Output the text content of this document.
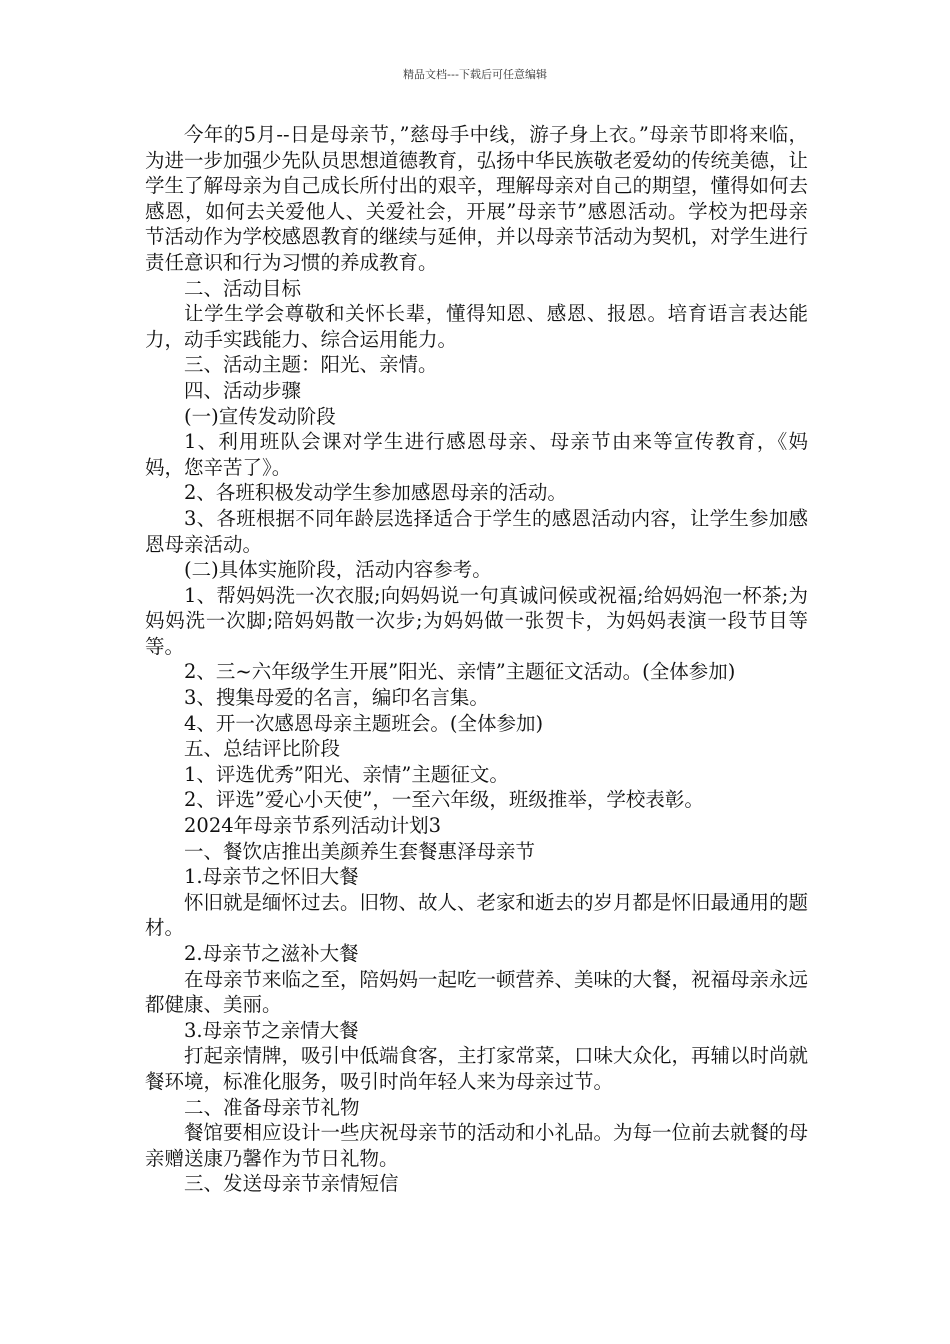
精品文档---下载后可任意编辑

今年的5月--日是母亲节，”慈母手中线，游子身上衣。”母亲节即将来临，为进一步加强少先队员思想道德教育，弘扬中华民族敬老爱幼的传统美德，让学生了解母亲为自己成长所付出的艰辛，理解母亲对自己的期望，懂得如何去感恩，如何去关爱他人、关爱社会，开展”母亲节”感恩活动。学校为把母亲节活动作为学校感恩教育的继续与延伸，并以母亲节活动为契机，对学生进行责任意识和行为习惯的养成教育。

二、活动目标

让学生学会尊敬和关怀长辈，懂得知恩、感恩、报恩。培育语言表达能力，动手实践能力、综合运用能力。

三、活动主题：阳光、亲情。

四、活动步骤

(一)宣传发动阶段

1、利用班队会课对学生进行感恩母亲、母亲节由来等宣传教育，《妈妈，您辛苦了》。

2、各班积极发动学生参加感恩母亲的活动。

3、各班根据不同年龄层选择适合于学生的感恩活动内容，让学生参加感恩母亲活动。

(二)具体实施阶段，活动内容参考。

1、帮妈妈洗一次衣服;向妈妈说一句真诚问候或祝福;给妈妈泡一杯茶;为妈妈洗一次脚;陪妈妈散一次步;为妈妈做一张贺卡，为妈妈表演一段节目等等。

2、三~六年级学生开展”阳光、亲情”主题征文活动。(全体参加)

3、搜集母爱的名言，编印名言集。

4、开一次感恩母亲主题班会。(全体参加)

五、总结评比阶段

1、评选优秀”阳光、亲情”主题征文。

2、评选”爱心小天使”，一至六年级，班级推举，学校表彰。

2024年母亲节系列活动计划3

一、餐饮店推出美颜养生套餐惠泽母亲节

1.母亲节之怀旧大餐

怀旧就是缅怀过去。旧物、故人、老家和逝去的岁月都是怀旧最通用的题材。

2.母亲节之滋补大餐

在母亲节来临之至，陪妈妈一起吃一顿营养、美味的大餐，祝福母亲永远都健康、美丽。

3.母亲节之亲情大餐

打起亲情牌，吸引中低端食客，主打家常菜，口味大众化，再辅以时尚就餐环境，标准化服务，吸引时尚年轻人来为母亲过节。

二、准备母亲节礼物

餐馆要相应设计一些庆祝母亲节的活动和小礼品。为每一位前去就餐的母亲赠送康乃馨作为节日礼物。

三、发送母亲节亲情短信
